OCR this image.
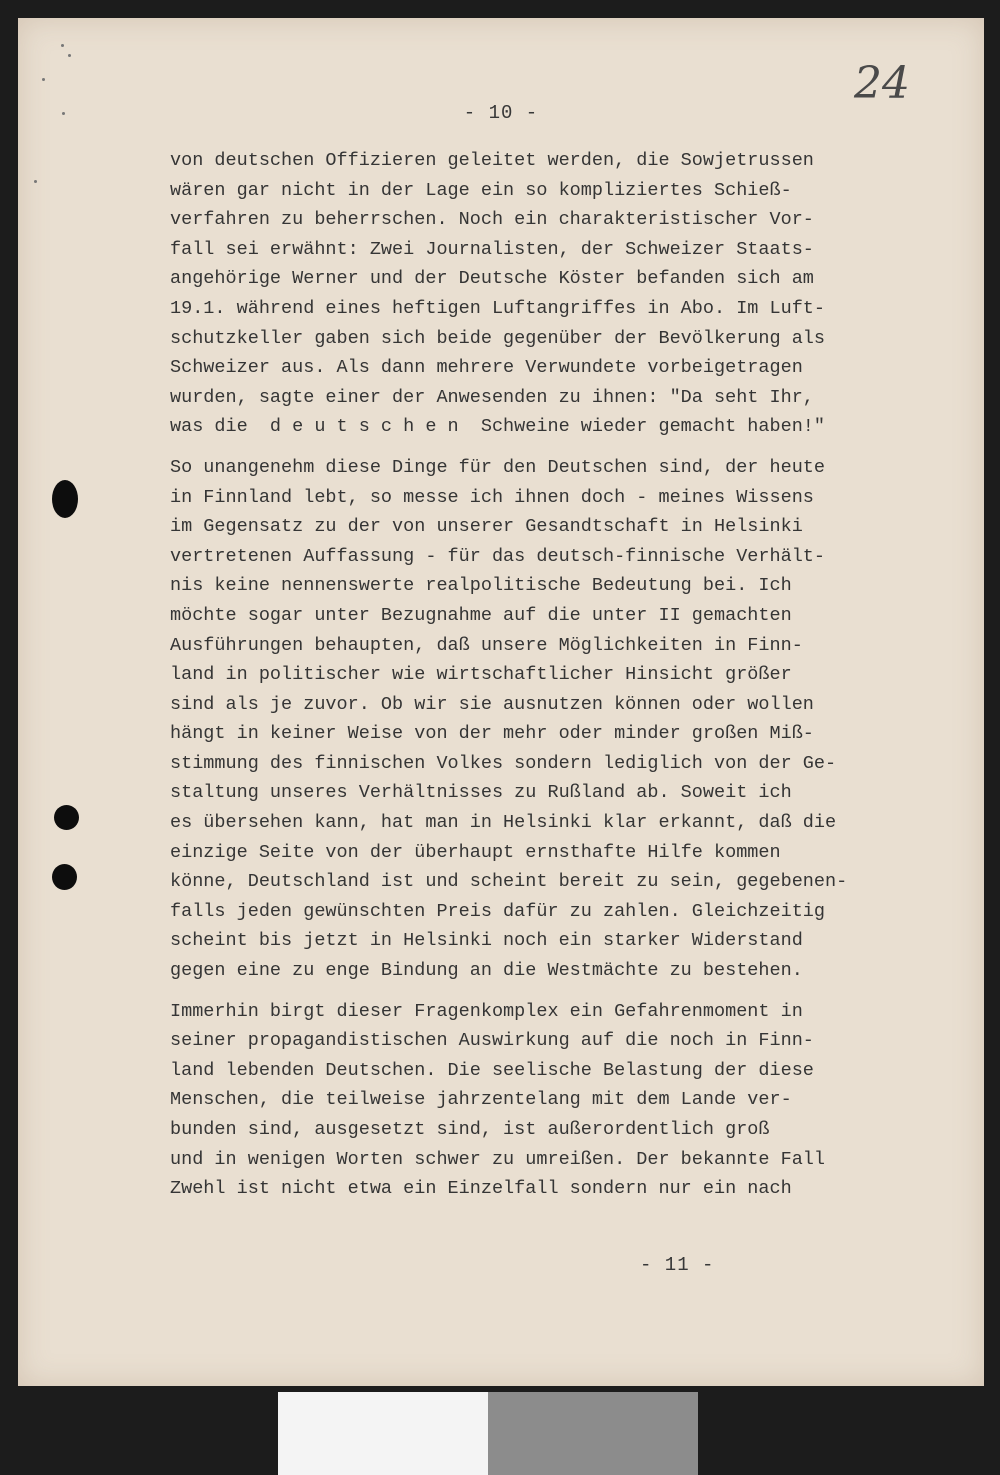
- 10 -
24
von deutschen Offizieren geleitet werden, die Sowjetrussen
wären gar nicht in der Lage ein so kompliziertes Schieß-
verfahren zu beherrschen. Noch ein charakteristischer Vor-
fall sei erwähnt: Zwei Journalisten, der Schweizer Staats-
angehörige Werner und der Deutsche Köster befanden sich am
19.1. während eines heftigen Luftangriffes in Abo. Im Luft-
schutzkeller gaben sich beide gegenüber der Bevölkerung als
Schweizer aus. Als dann mehrere Verwundete vorbeigetragen
wurden, sagte einer der Anwesenden zu ihnen: "Da seht Ihr,
was die  d e u t s c h e n  Schweine wieder gemacht haben!"
So unangenehm diese Dinge für den Deutschen sind, der heute
in Finnland lebt, so messe ich ihnen doch - meines Wissens
im Gegensatz zu der von unserer Gesandtschaft in Helsinki
vertretenen Auffassung - für das deutsch-finnische Verhält-
nis keine nennenswerte realpolitische Bedeutung bei. Ich
möchte sogar unter Bezugnahme auf die unter II gemachten
Ausführungen behaupten, daß unsere Möglichkeiten in Finn-
land in politischer wie wirtschaftlicher Hinsicht größer
sind als je zuvor. Ob wir sie ausnutzen können oder wollen
hängt in keiner Weise von der mehr oder minder großen Miß-
stimmung des finnischen Volkes sondern lediglich von der Ge-
staltung unseres Verhältnisses zu Rußland ab. Soweit ich
es übersehen kann, hat man in Helsinki klar erkannt, daß die
einzige Seite von der überhaupt ernsthafte Hilfe kommen
könne, Deutschland ist und scheint bereit zu sein, gegebenen-
falls jeden gewünschten Preis dafür zu zahlen. Gleichzeitig
scheint bis jetzt in Helsinki noch ein starker Widerstand
gegen eine zu enge Bindung an die Westmächte zu bestehen.
Immerhin birgt dieser Fragenkomplex ein Gefahrenmoment in
seiner propagandistischen Auswirkung auf die noch in Finn-
land lebenden Deutschen. Die seelische Belastung der diese
Menschen, die teilweise jahrzentelang mit dem Lande ver-
bunden sind, ausgesetzt sind, ist außerordentlich groß
und in wenigen Worten schwer zu umreißen. Der bekannte Fall
Zwehl ist nicht etwa ein Einzelfall sondern nur ein nach
- 11 -
